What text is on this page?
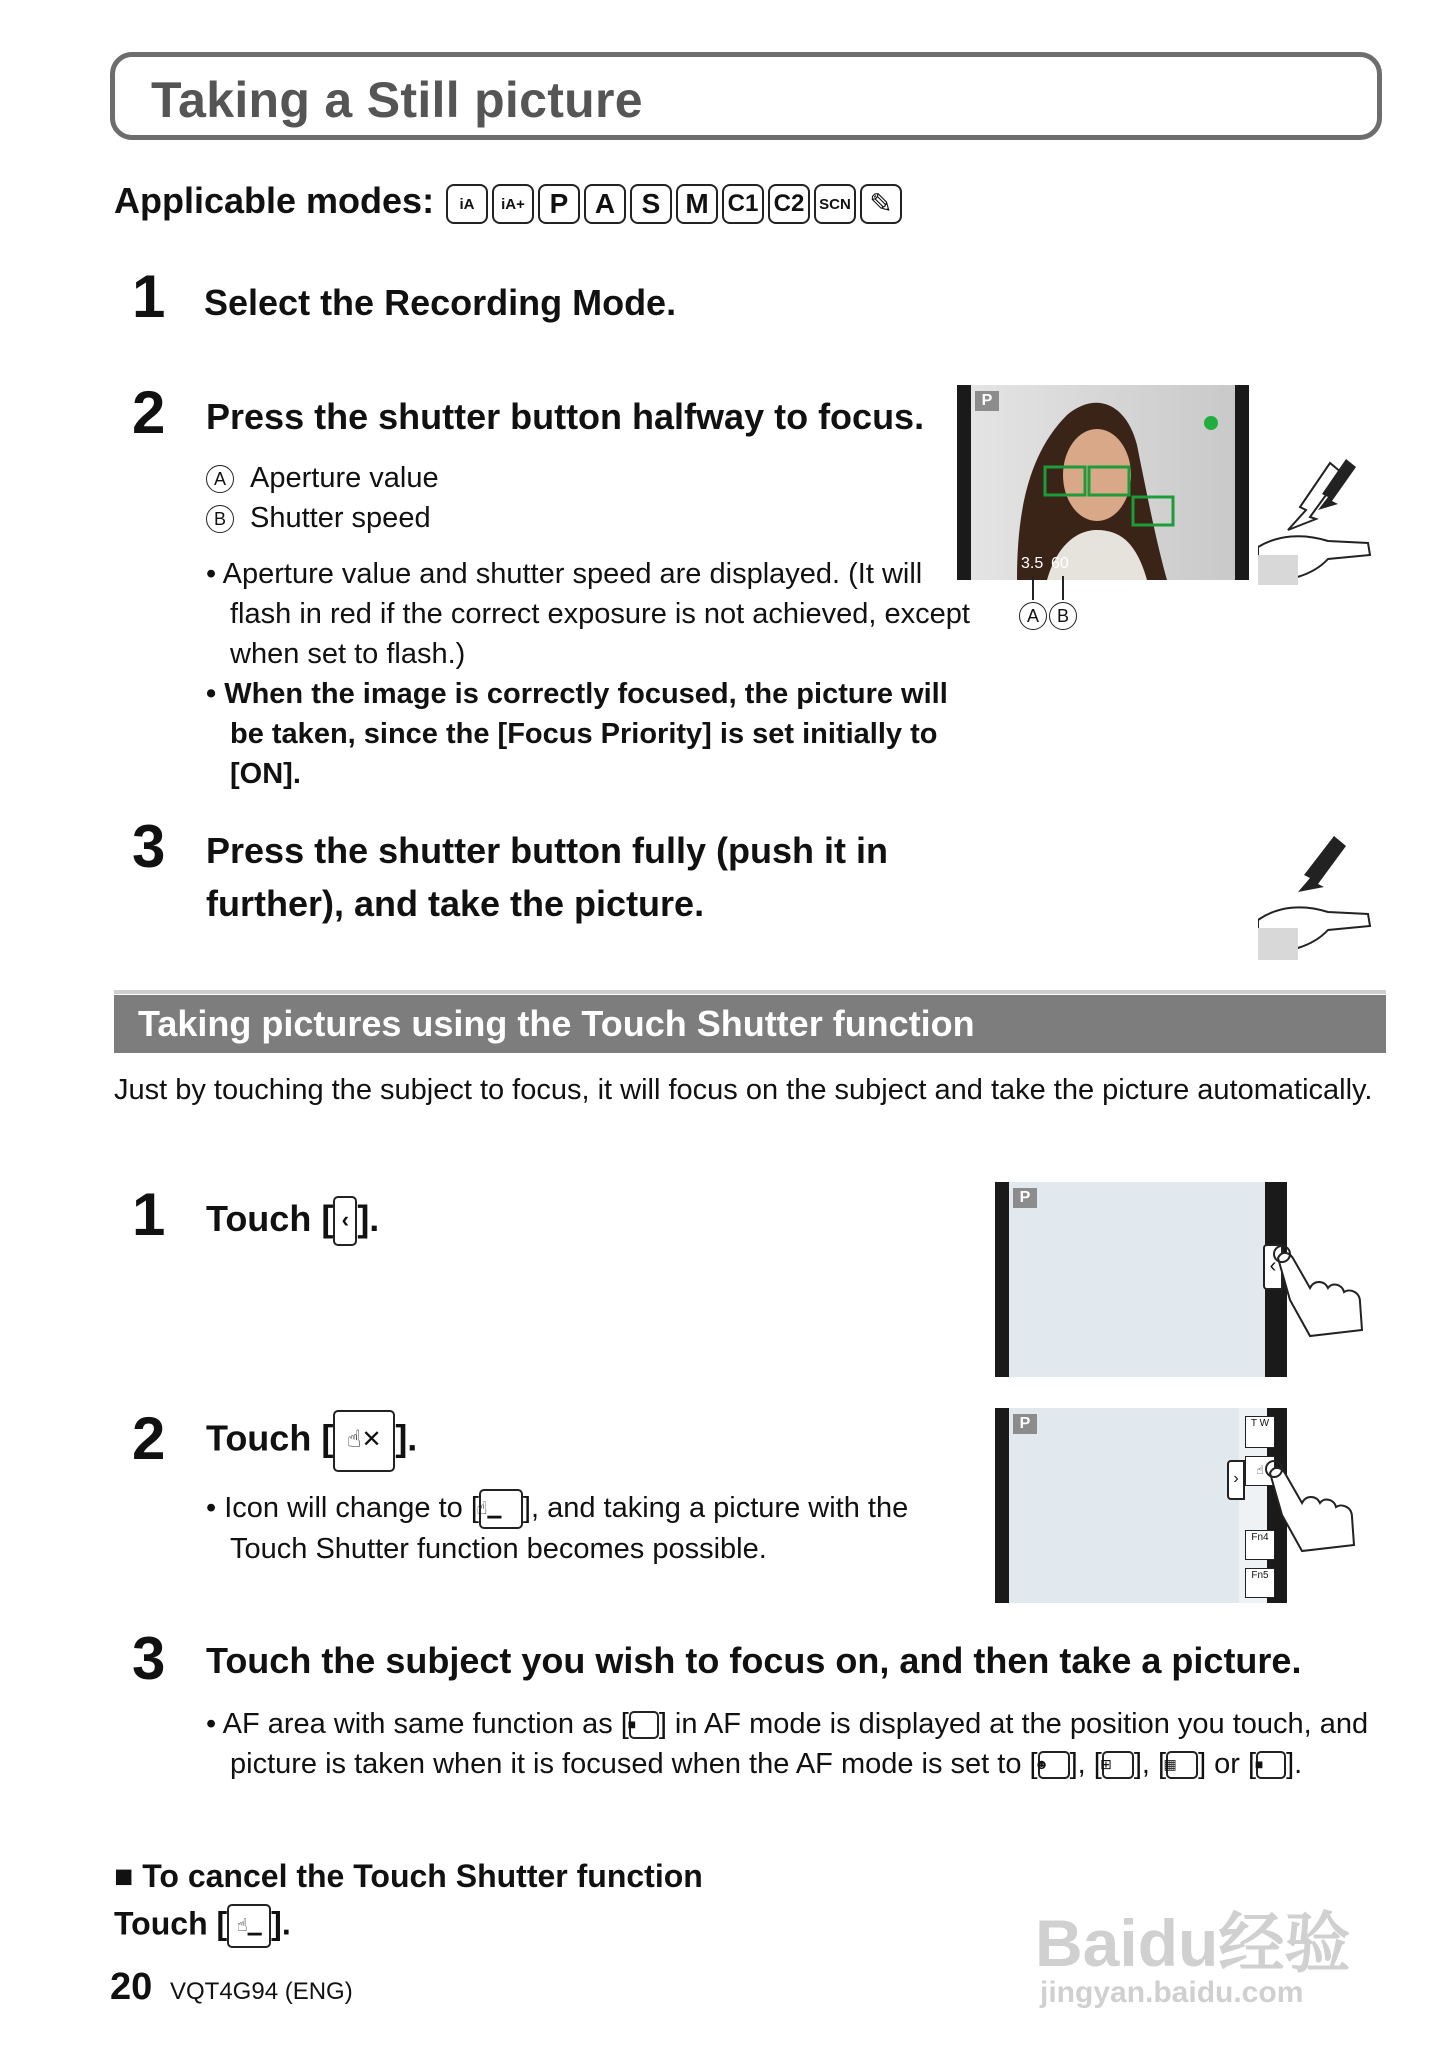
Taking a Still picture
Applicable modes:	iA	iA+ P A S M C1 C2 SCN ✎
1 Select the Recording Mode.
2 Press the shutter button halfway to focus.
A Aperture value
B Shutter speed
• Aperture value and shutter speed are displayed. (It will flash in red if the correct exposure is not achieved, except when set to flash.)
• When the image is correctly focused, the picture will be taken, since the [Focus Priority] is set initially to [ON].
P
3.5 60
A B
3 Press the shutter button fully (push it in
further), and take the picture.
Taking pictures using the Touch Shutter function
Just by touching the subject to focus, it will focus on the subject and take the picture automatically.
1 Touch [ ‹ ].
P
‹
2 Touch [ ☝✕ ].
• Icon will change to [☝▁ ], and taking a picture with the Touch Shutter function becomes possible.
P
›
T W
☝
Fn4
Fn5
3 Touch the subject you wish to focus on, and then take a picture.
• AF area with same function as [■ ] in AF mode is displayed at the position you touch, and picture is taken when it is focused when the AF mode is set to [☻ ], [⊞ ], [▦ ] or [■ ].
■ To cancel the Touch Shutter function
Touch [ ☝▁ ].
20 VQT4G94 (ENG)
Baidu经验
jingyan.baidu.com
